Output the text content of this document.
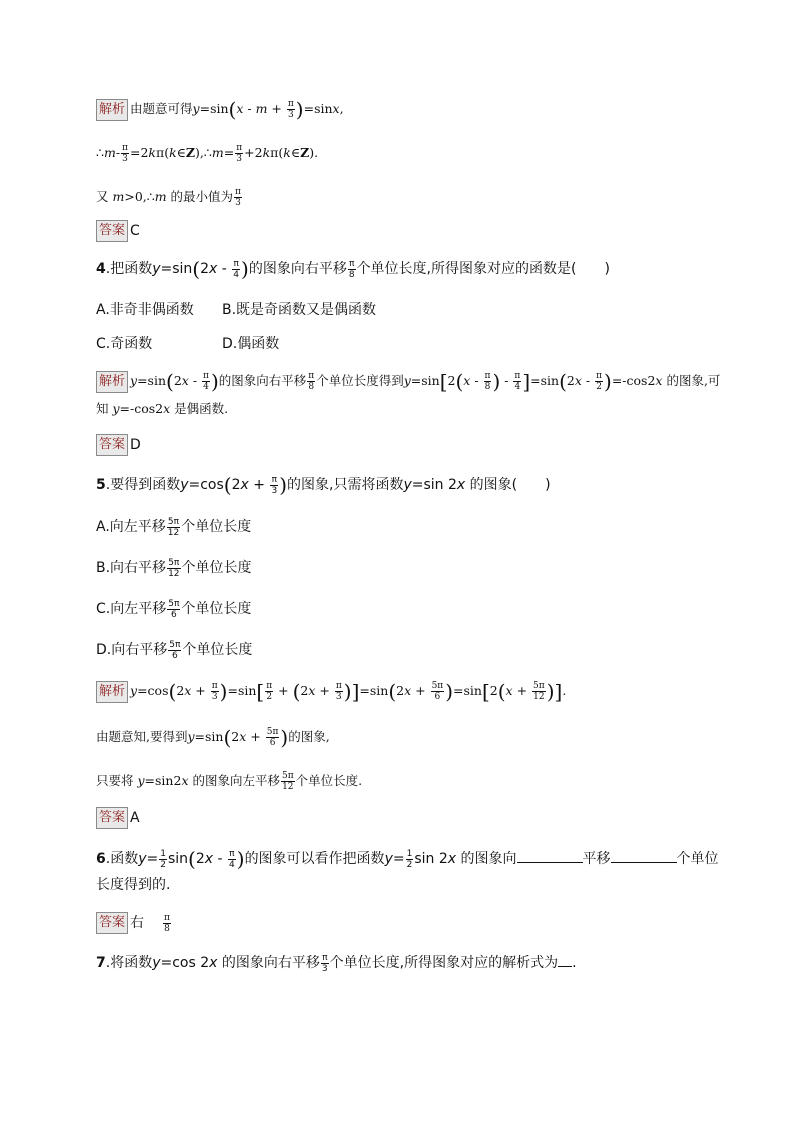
解析 由题意可得$y=\sin(x - m + \frac{\pi}{3} )=\sin x$,
∴m- $\frac{\pi}{3}$ =2kπ(k∈Z),∴m= $\frac{\pi}{3}$ +2kπ(k∈Z).
又 m>0,∴m 的最小值为 $\frac{\pi}{3}$
答案 C
4.把函数$y=\sin(2x - \frac{\pi}{4}$ )的图象向右平移 $\frac{\pi}{8}$ 个单位长度,所得图象对应的函数是(　　)
A.非奇非偶函数 B.既是奇函数又是偶函数
C.奇函数	D.偶函数
解析 $y=\sin(2x - \frac{\pi}{4}$ )的图象向右平移 $\frac{\pi}{8}$ 个单位长度得到$y=\sin[2(x - \frac{\pi}{8}$ ) - $\frac{\pi}{4} ]=\sin(2x - \frac{\pi}{2} )=-\cos 2x$ 的图象,可
知 y=-cos2x 是偶函数.
答案 D
5.要得到函数$y=\cos(2x + \frac{\pi}{3}$ )的图象,只需将函数y=sin 2x 的图象(　　)
A.向左平移 $\frac{5\pi}{12}$ 个单位长度
B.向右平移 $\frac{5\pi}{12}$ 个单位长度
C.向左平移 $\frac{5\pi}{6}$ 个单位长度
D.向右平移 $\frac{5\pi}{6}$ 个单位长度
解析 $y=\cos(2x + \frac{\pi}{3} )=\sin[ \frac{\pi}{2} + (2x + \frac{\pi}{3} )]=\sin(2x + \frac{5\pi}{6} )=\sin[2(x + \frac{5\pi}{12}$ )].
由题意知,要得到$y=\sin(2x + \frac{5\pi}{6}$ )的图象,
只要将 y=sin2x 的图象向左平移 $\frac{5\pi}{12}$ 个单位长度.
答案 A
6.函数$y= \frac{1}{2} \sin(2x - \frac{\pi}{4}$ )的图象可以看作把函数$y= \frac{1}{2}$ sin 2x 的图象向	平移	个单位
长度得到的.
答案 右 $\frac{\pi}{8}$
7.将函数y=cos 2x 的图象向右平移 $\frac{\pi}{3}$ 个单位长度,所得图象对应的解析式为 .
